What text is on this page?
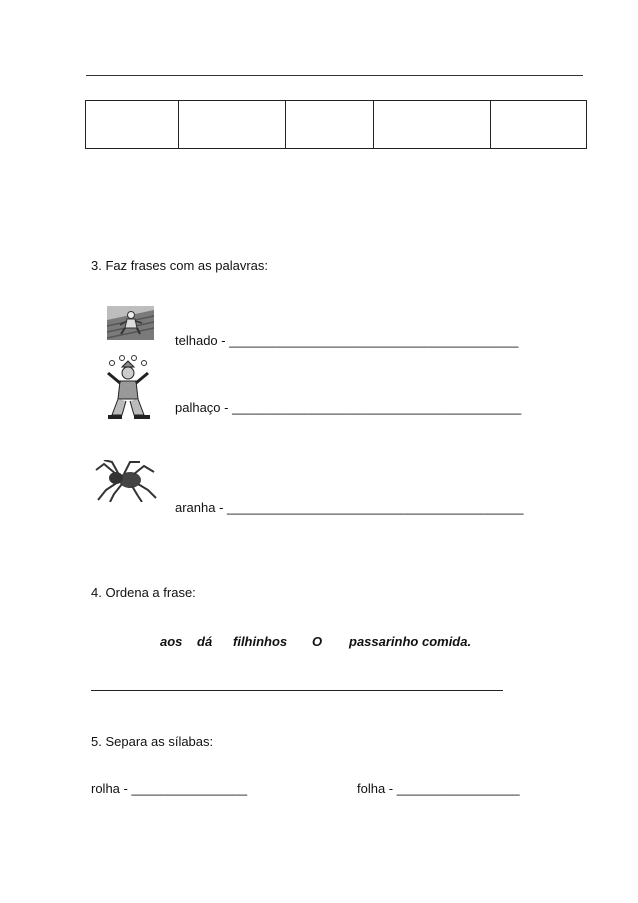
3. Faz frases com as palavras:
telhado - ________________________________________
palhaço - ________________________________________
aranha - _________________________________________
4. Ordena a frase:
aos dá filhinhos O passarinho comida.
5. Separa as sílabas:
rolha - ________________	folha - _________________
